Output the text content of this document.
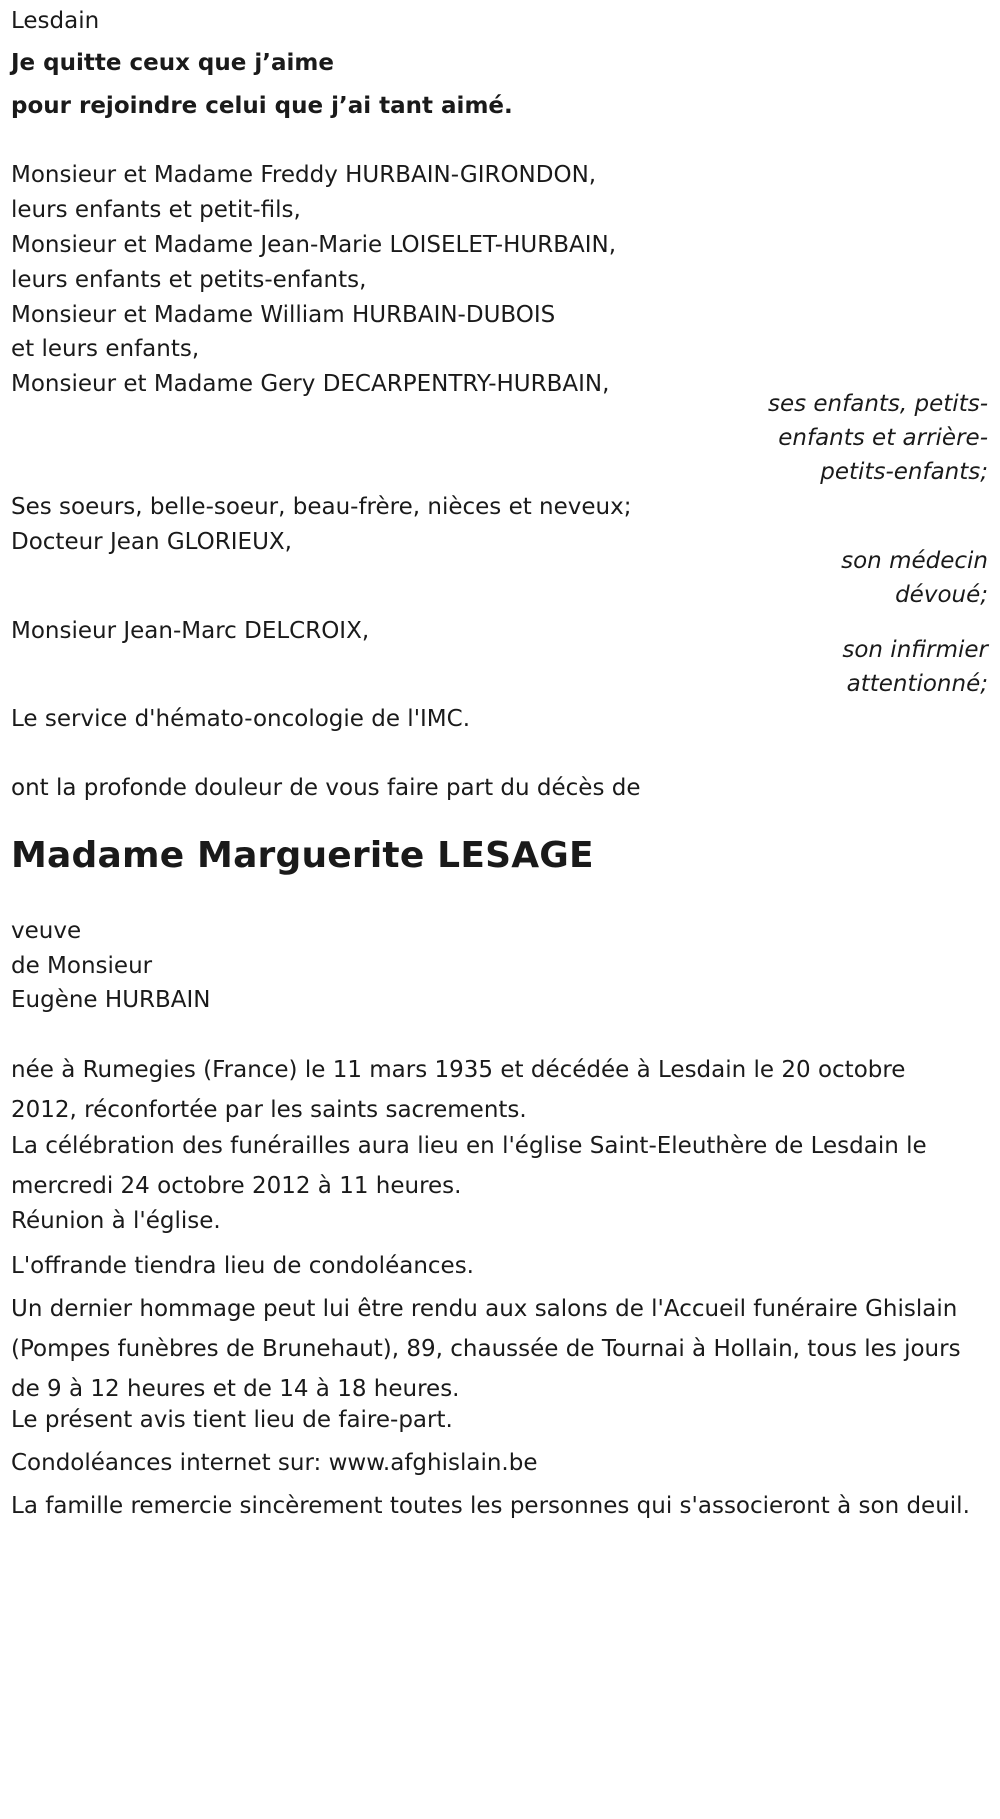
Lesdain
Je quitte ceux que j’aime
pour rejoindre celui que j’ai tant aimé.
Monsieur et Madame Freddy HURBAIN-GIRONDON,
leurs enfants et petit-fils,
Monsieur et Madame Jean-Marie LOISELET-HURBAIN,
leurs enfants et petits-enfants,
Monsieur et Madame William HURBAIN-DUBOIS
et leurs enfants,
Monsieur et Madame Gery DECARPENTRY-HURBAIN,
ses enfants, petits-
enfants et arrière-
petits-enfants;
Ses soeurs, belle-soeur, beau-frère, nièces et neveux;
Docteur Jean GLORIEUX,
son médecin
dévoué;
Monsieur Jean-Marc DELCROIX,
son infirmier
attentionné;
Le service d'hémato-oncologie de l'IMC.
ont la profonde douleur de vous faire part du décès de
Madame Marguerite LESAGE
veuve
de Monsieur
Eugène HURBAIN
née à Rumegies (France) le 11 mars 1935 et décédée à Lesdain le 20 octobre 2012, réconfortée par les saints sacrements.
La célébration des funérailles aura lieu en l'église Saint-Eleuthère de Lesdain le mercredi 24 octobre 2012 à 11 heures.
Réunion à l'église.
L'offrande tiendra lieu de condoléances.
Un dernier hommage peut lui être rendu aux salons de l'Accueil funéraire Ghislain (Pompes funèbres de Brunehaut), 89, chaussée de Tournai à Hollain, tous les jours de 9 à 12 heures et de 14 à 18 heures.
Le présent avis tient lieu de faire-part.
Condoléances internet sur: www.afghislain.be
La famille remercie sincèrement toutes les personnes qui s'associeront à son deuil.
